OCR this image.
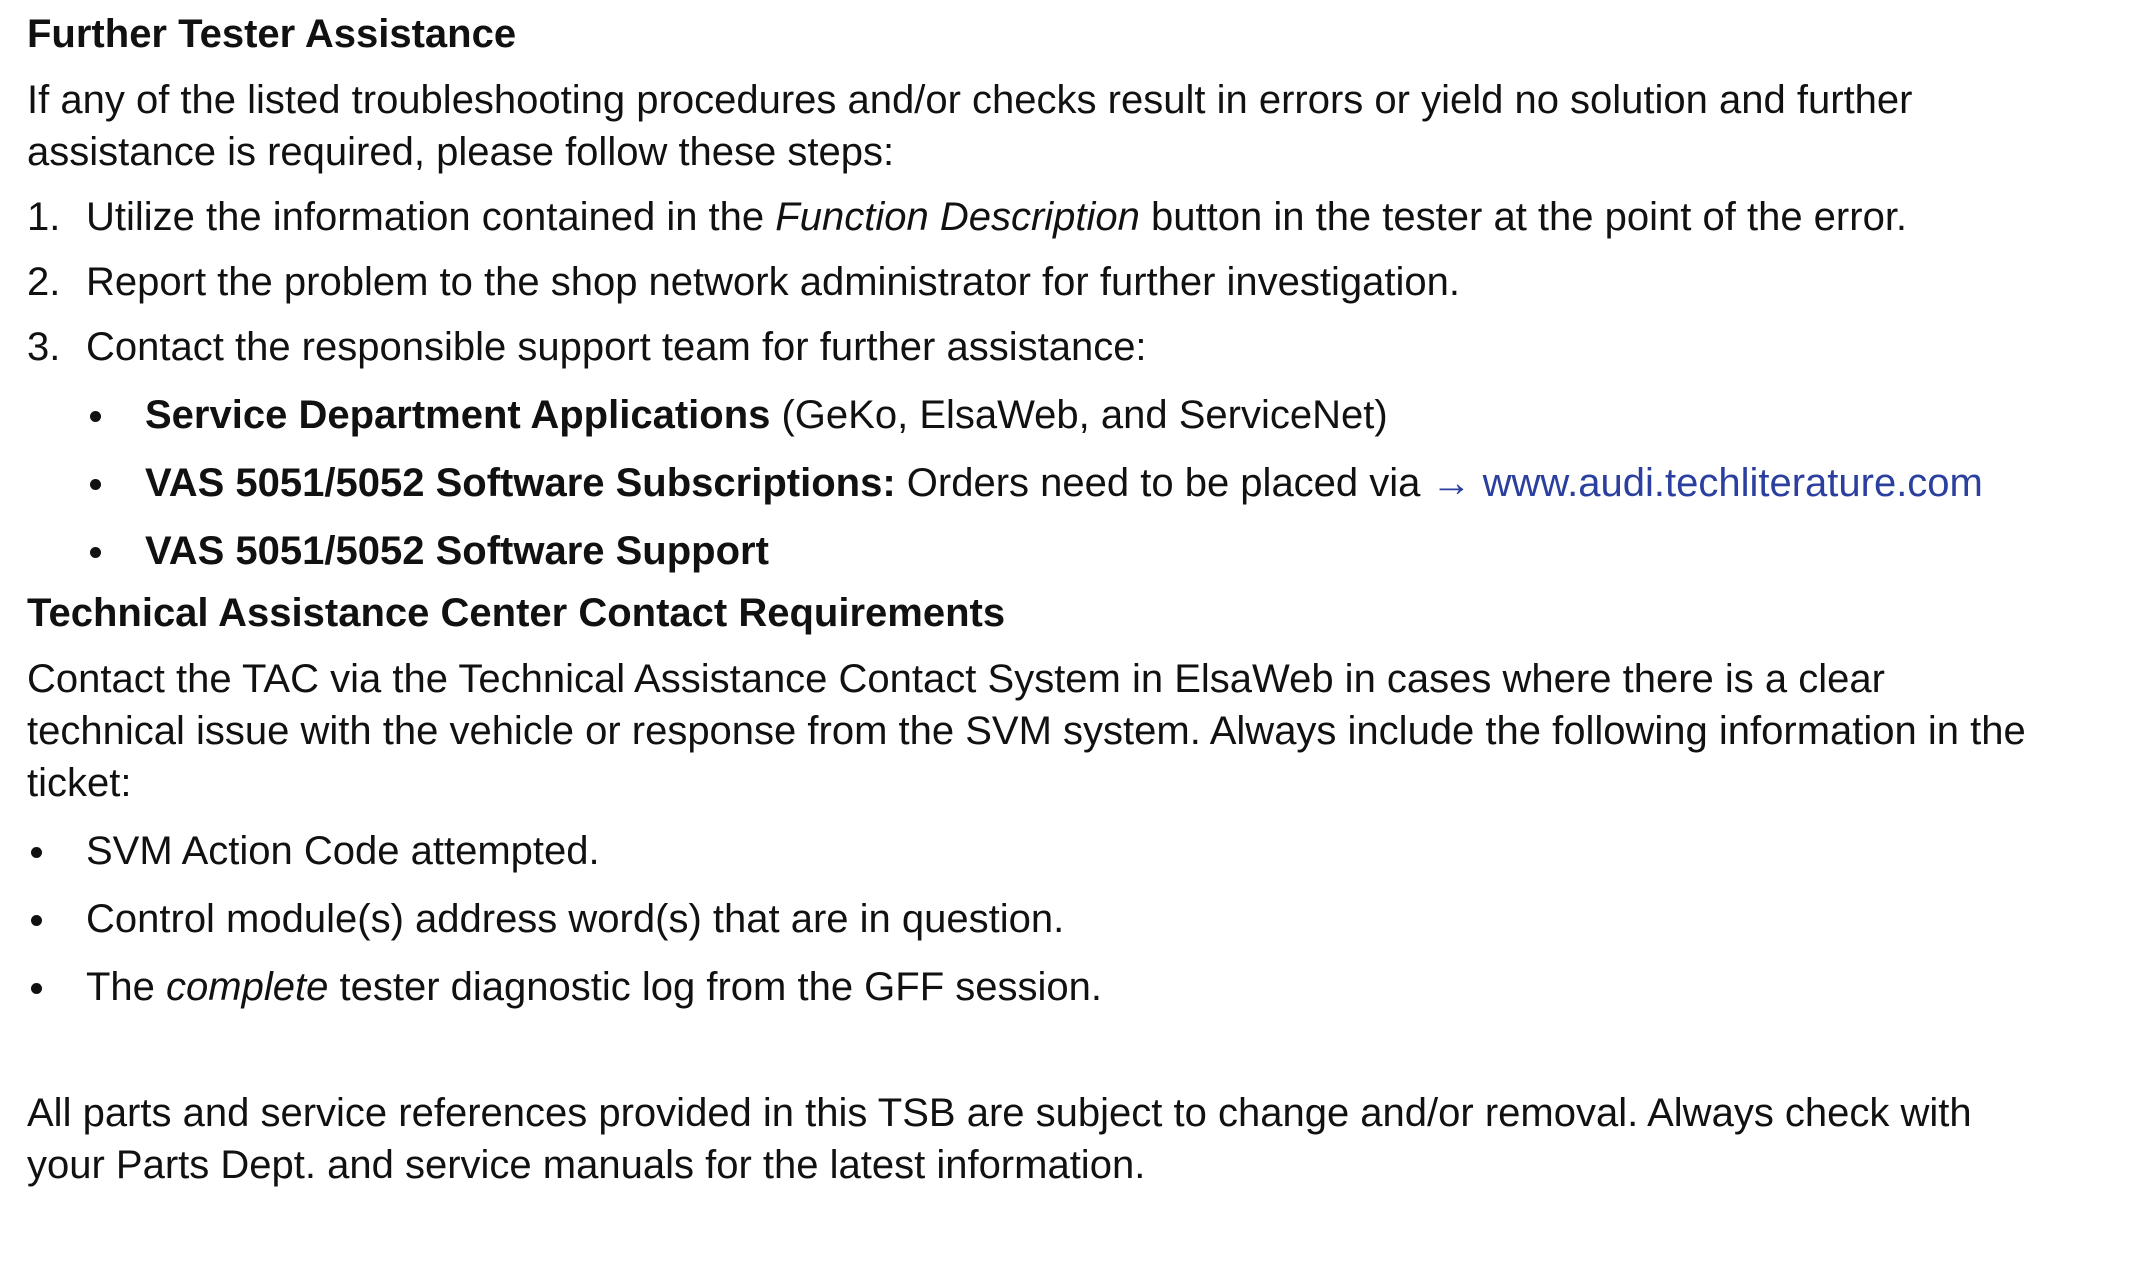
Further Tester Assistance
If any of the listed troubleshooting procedures and/or checks result in errors or yield no solution and further
assistance is required, please follow these steps:
1. Utilize the information contained in the Function Description button in the tester at the point of the error.
2. Report the problem to the shop network administrator for further investigation.
3. Contact the responsible support team for further assistance:
Service Department Applications (GeKo, ElsaWeb, and ServiceNet)
VAS 5051/5052 Software Subscriptions: Orders need to be placed via → www.audi.techliterature.com
VAS 5051/5052 Software Support
Technical Assistance Center Contact Requirements
Contact the TAC via the Technical Assistance Contact System in ElsaWeb in cases where there is a clear
technical issue with the vehicle or response from the SVM system. Always include the following information in the
ticket:
SVM Action Code attempted.
Control module(s) address word(s) that are in question.
The complete tester diagnostic log from the GFF session.
All parts and service references provided in this TSB are subject to change and/or removal. Always check with
your Parts Dept. and service manuals for the latest information.
